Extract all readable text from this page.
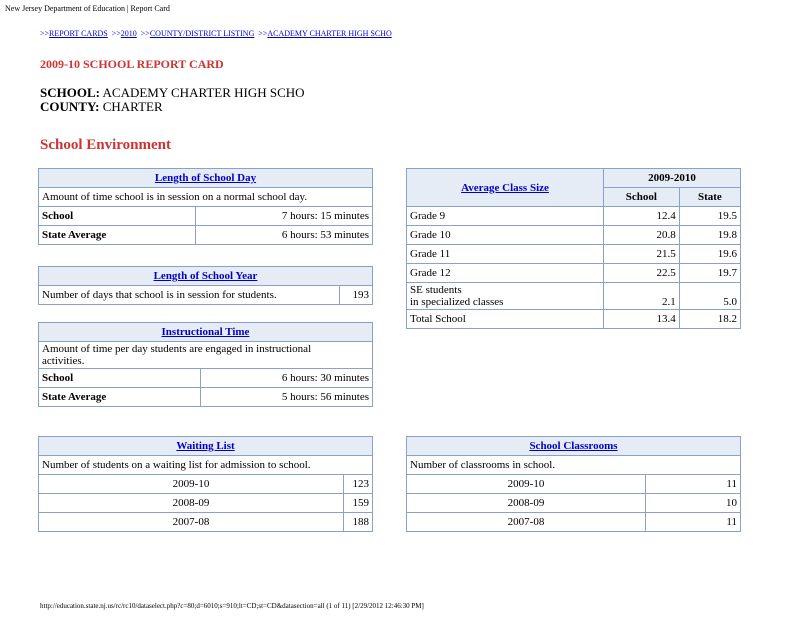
New Jersey Department of Education | Report Card
>>REPORT CARDS >>2010 >>COUNTY/DISTRICT LISTING >>ACADEMY CHARTER HIGH SCHO
2009-10 SCHOOL REPORT CARD
SCHOOL: ACADEMY CHARTER HIGH SCHO
COUNTY: CHARTER
School Environment
Length of School Day	
Amount of time school is in session on a normal school day.	
School	7 hours: 15 minutes
State Average	6 hours: 53 minutes
Length of School Year
Number of days that school is in session for students.	193
Instructional Time	
Amount of time per day students are engaged in instructional activities.	
School	6 hours: 30 minutes
State Average	5 hours: 56 minutes
Average Class Size	2009-2010	
	School	State
Grade 9	12.4	19.5
Grade 10	20.8	19.8
Grade 11	21.5	19.6
Grade 12	22.5	19.7
SE students
in specialized classes	2.1	5.0
Total School	13.4	18.2
Waiting List	
Number of students on a waiting list for admission to school.	
2009-10	123
2008-09	159
2007-08	188
School Classrooms	
Number of classrooms in school.	
2009-10	11
2008-09	10
2007-08	11
http://education.state.nj.us/rc/rc10/dataselect.php?c=80;d=6010;s=910;lt=CD;st=CD&datasection=all (1 of 11) [2/29/2012 12:46:30 PM]
